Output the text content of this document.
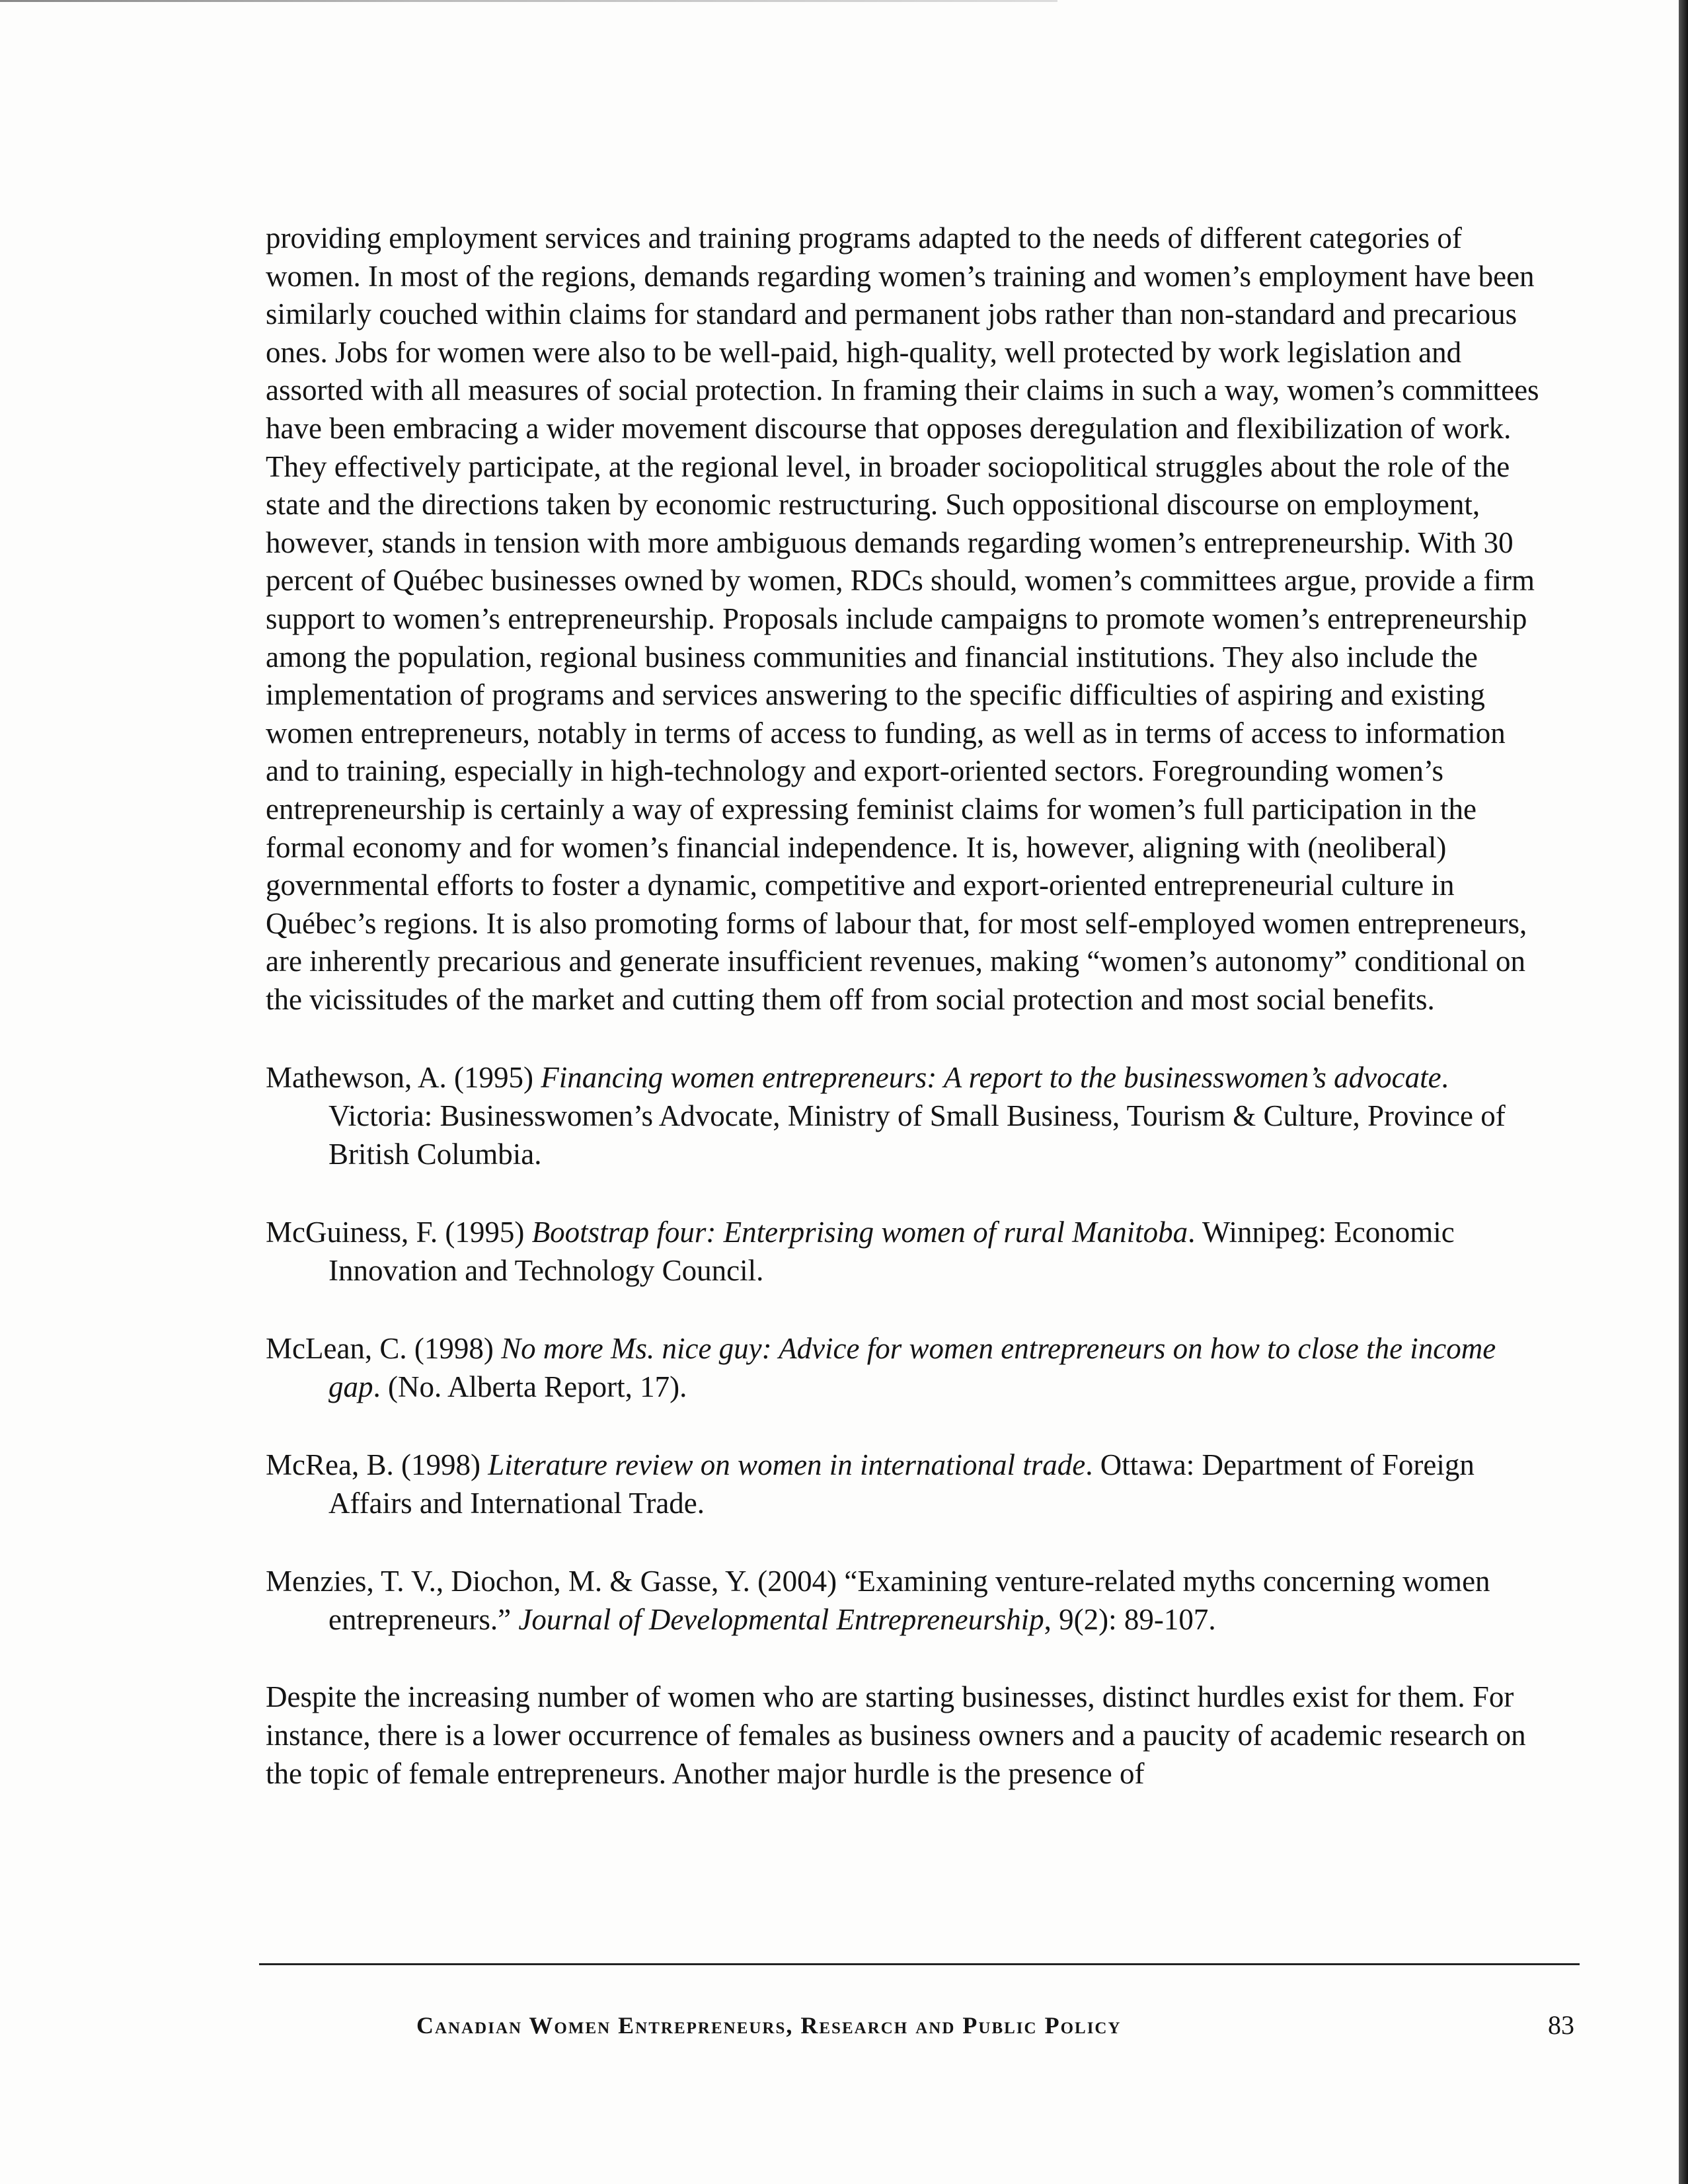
providing employment services and training programs adapted to the needs of different categories of women. In most of the regions, demands regarding women’s training and women’s employment have been similarly couched within claims for standard and permanent jobs rather than non-standard and precarious ones. Jobs for women were also to be well-paid, high-quality, well protected by work legislation and assorted with all measures of social protection. In framing their claims in such a way, women’s committees have been embracing a wider movement discourse that opposes deregulation and flexibilization of work. They effectively participate, at the regional level, in broader sociopolitical struggles about the role of the state and the directions taken by economic restructuring. Such oppositional discourse on employment, however, stands in tension with more ambiguous demands regarding women’s entrepreneurship. With 30 percent of Québec businesses owned by women, RDCs should, women’s committees argue, provide a firm support to women’s entrepreneurship. Proposals include campaigns to promote women’s entrepreneurship among the population, regional business communities and financial institutions. They also include the implementation of programs and services answering to the specific difficulties of aspiring and existing women entrepreneurs, notably in terms of access to funding, as well as in terms of access to information and to training, especially in high-technology and export-oriented sectors. Foregrounding women’s entrepreneurship is certainly a way of expressing feminist claims for women’s full participation in the formal economy and for women’s financial independence. It is, however, aligning with (neoliberal) governmental efforts to foster a dynamic, competitive and export-oriented entrepreneurial culture in Québec’s regions. It is also promoting forms of labour that, for most self-employed women entrepreneurs, are inherently precarious and generate insufficient revenues, making “women’s autonomy” conditional on the vicissitudes of the market and cutting them off from social protection and most social benefits.

Mathewson, A. (1995) Financing women entrepreneurs: A report to the businesswomen’s advocate. Victoria: Businesswomen’s Advocate, Ministry of Small Business, Tourism & Culture, Province of British Columbia.

McGuiness, F. (1995) Bootstrap four: Enterprising women of rural Manitoba. Winnipeg: Economic Innovation and Technology Council.

McLean, C. (1998) No more Ms. nice guy: Advice for women entrepreneurs on how to close the income gap. (No. Alberta Report, 17).

McRea, B. (1998) Literature review on women in international trade. Ottawa: Department of Foreign Affairs and International Trade.

Menzies, T. V., Diochon, M. & Gasse, Y. (2004) “Examining venture-related myths concerning women entrepreneurs.” Journal of Developmental Entrepreneurship, 9(2): 89-107.

Despite the increasing number of women who are starting businesses, distinct hurdles exist for them. For instance, there is a lower occurrence of females as business owners and a paucity of academic research on the topic of female entrepreneurs. Another major hurdle is the presence of

Canadian Women Entrepreneurs, Research and Public Policy	83
